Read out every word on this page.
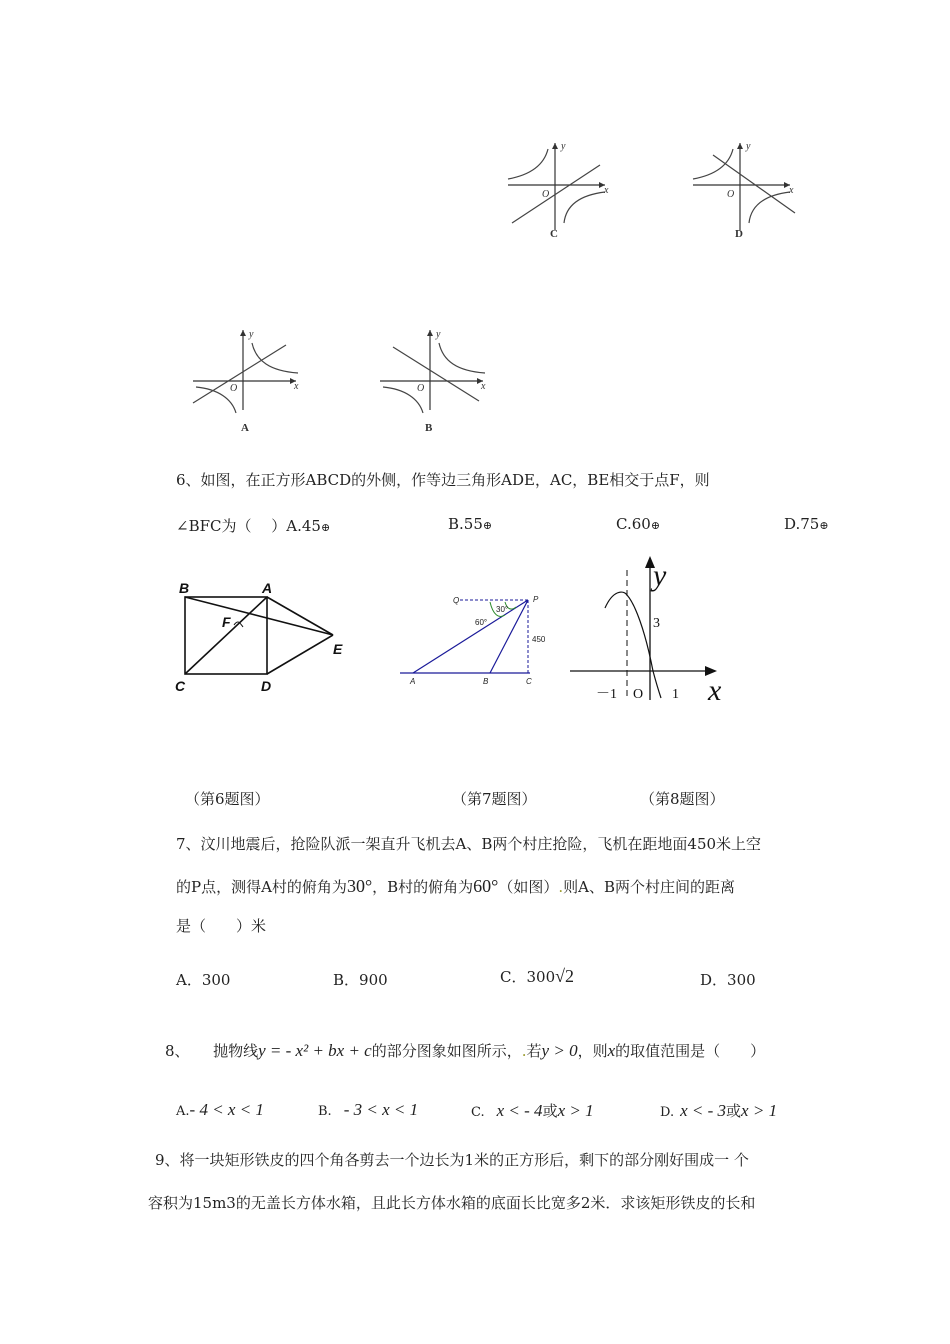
y
x
O
C
y
x
O
D
y
x
O
A
y
x
O
B
6、如图，在正方形ABCD的外侧，作等边三角形ADE，AC，BE相交于点F，则
∠BFC为（　 ）A.45⊕	B.55⊕	C.60⊕	D.75⊕
B	A
F
E
C	D
Q	P
30°
60°
450
A	B	C
y
x
3
－1 O 1
（第6题图）	（第7题图）	（第8题图）
7、汶川地震后，抢险队派一架直升飞机去A、B两个村庄抢险，飞机在距地面450米上空
的P点，测得A村的俯角为30°，B村的俯角为60°（如图）.则A、B两个村庄间的距离
是（　　）米
A．300	B．900	C．300√2	D．300
8、 抛物线y = - x² + bx + c的部分图象如图所示，.若y > 0，则x的取值范围是（　　）
A.- 4 < x < 1	B. - 3 < x < 1	C. x < - 4或x > 1	D. x < - 3或x > 1
9、将一块矩形铁皮的四个角各剪去一个边长为1米的正方形后，剩下的部分刚好围成一 个
容积为15m3的无盖长方体水箱，且此长方体水箱的底面长比宽多2米．求该矩形铁皮的长和
